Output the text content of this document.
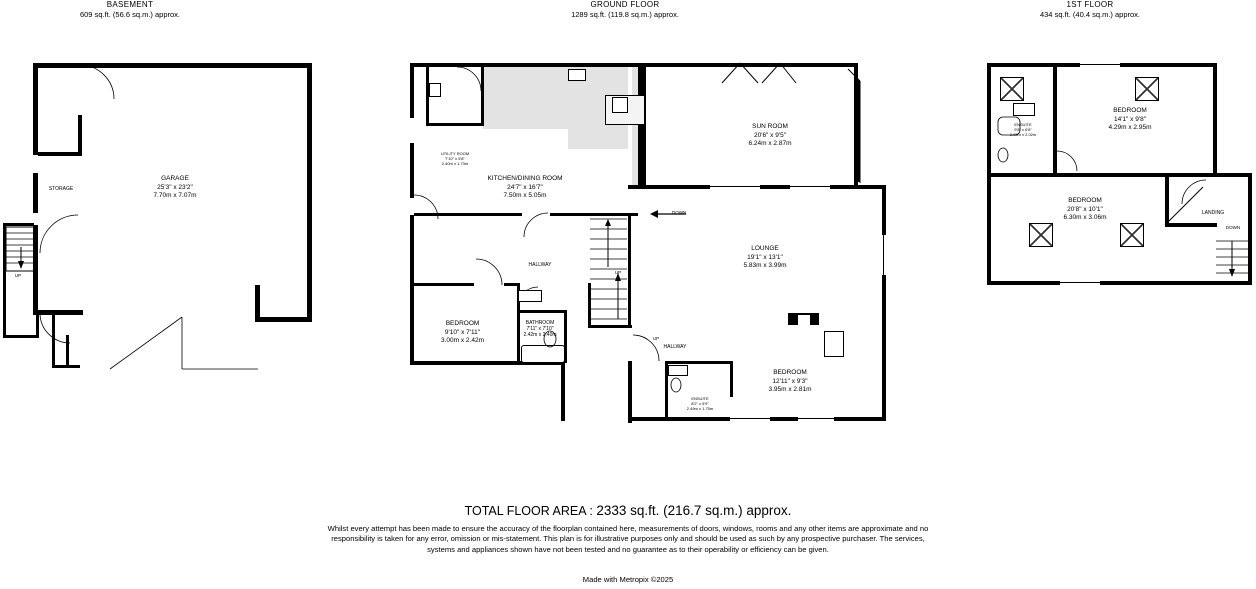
BASEMENT
609 sq.ft. (56.6 sq.m.) approx.
STORAGE
UP
GARAGE
25'3" x 23'2"
7.70m x 7.07m
GROUND FLOOR
1289 sq.ft. (119.8 sq.m.) approx.
UTILITY ROOM
7'10" x 5'8"
2.40m x 1.73m
DOWN
UP
UP
SUN ROOM
20'6" x 9'5"
6.24m x 2.87m
KITCHEN/DINING ROOM
24'7" x 16'7"
7.50m x 5.05m
LOUNGE
19'1" x 13'1"
5.83m x 3.99m
HALLWAY
BEDROOM
9'10" x 7'11"
3.00m x 2.42m
BATHROOM
7'11" x 7'10"
2.42m x 2.40m
HALLWAY
BEDROOM
12'11" x 9'3"
3.95m x 2.81m
ENSUITE
8'2" x 5'9"
2.49m x 1.75m
1ST FLOOR
434 sq.ft. (40.4 sq.m.) approx.
DOWN
BEDROOM
14'1" x 9'8"
4.29m x 2.95m
ENSUITE
9'8" x 6'8"
2.95m x 2.02m
BEDROOM
20'8" x 10'1"
6.30m x 3.06m
LANDING
TOTAL FLOOR AREA : 2333 sq.ft. (216.7 sq.m.) approx.
Whilst every attempt has been made to ensure the accuracy of the floorplan contained here, measurements of doors, windows, rooms and any other items are approximate and no responsibility is taken for any error, omission or mis-statement. This plan is for illustrative purposes only and should be used as such by any prospective purchaser. The services, systems and appliances shown have not been tested and no guarantee as to their operability or efficiency can be given.
Made with Metropix ©2025
